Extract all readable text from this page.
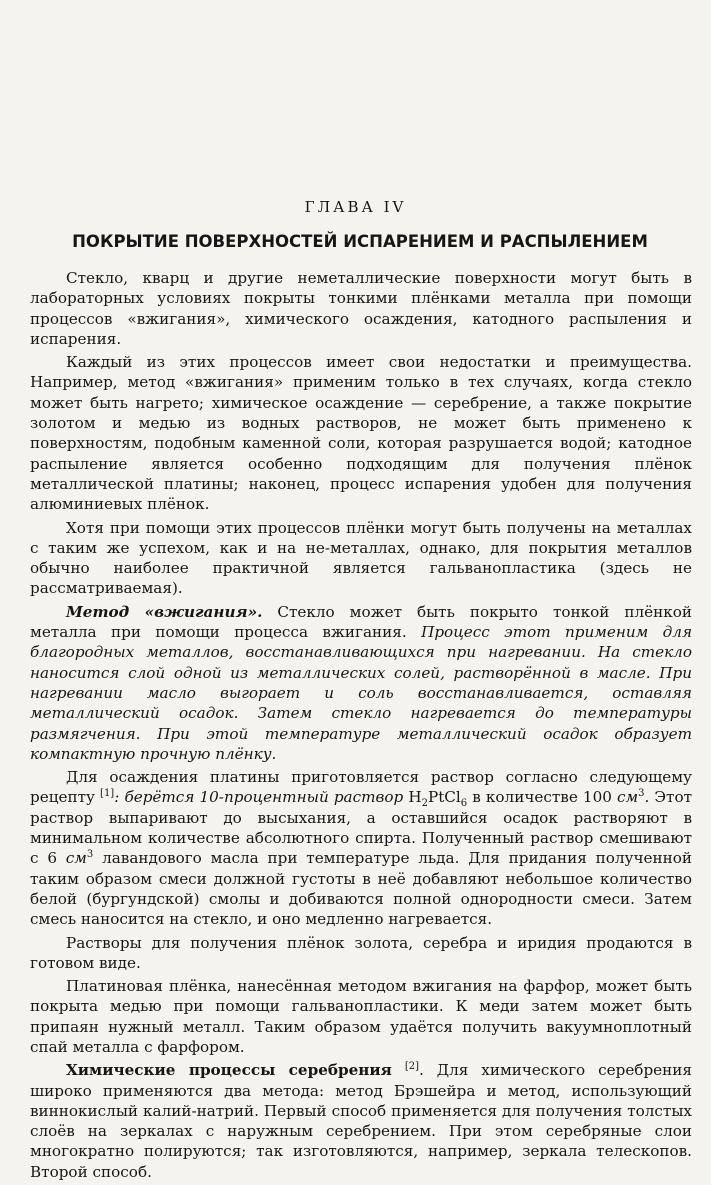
ГЛАВА IV
ПОКРЫТИЕ ПОВЕРХНОСТЕЙ ИСПАРЕНИЕМ И РАСПЫЛЕНИЕМ

Стекло, кварц и другие неметаллические поверхности могут быть в лабораторных условиях покрыты тонкими плёнками металла при помощи процессов «вжигания», химического осаждения, катодного распыления и испарения.

Каждый из этих процессов имеет свои недостатки и преимущества. Например, метод «вжигания» применим только в тех случаях, когда стекло может быть нагрето; химическое осаждение — серебрение, а также покрытие золотом и медью из водных растворов, не может быть применено к поверхностям, подобным каменной соли, которая разрушается водой; катодное распыление является особенно подходящим для получения плёнок металлической платины; наконец, процесс испарения удобен для получения алюминиевых плёнок.

Хотя при помощи этих процессов плёнки могут быть получены на металлах с таким же успехом, как и на не-металлах, однако, для покрытия металлов обычно наиболее практичной является гальванопластика (здесь не рассматриваемая).

Метод «вжигания». Стекло может быть покрыто тонкой плёнкой металла при помощи процесса вжигания. Процесс этот применим для благородных металлов, восстанавливающихся при нагревании. На стекло наносится слой одной из металлических солей, растворённой в масле. При нагревании масло выгорает и соль восстанавливается, оставляя металлический осадок. Затем стекло нагревается до температуры размягчения. При этой температуре металлический осадок образует компактную прочную плёнку.

Для осаждения платины приготовляется раствор согласно следующему рецепту [1]: берётся 10-процентный раствор $H_2PtCl_6$ в количестве 100 $см^3$. Этот раствор выпаривают до высыхания, а оставшийся осадок растворяют в минимальном количестве абсолютного спирта. Полученный раствор смешивают с 6 $см^3$ лавандового масла при температуре льда. Для придания полученной таким образом смеси должной густоты в неё добавляют небольшое количество белой (бургундской) смолы и добиваются полной однородности смеси. Затем смесь наносится на стекло, и оно медленно нагревается.

Растворы для получения плёнок золота, серебра и иридия продаются в готовом виде.

Платиновая плёнка, нанесённая методом вжигания на фарфор, может быть покрыта медью при помощи гальванопластики. К меди затем может быть припаян нужный металл. Таким образом удаётся получить вакуумноплотный спай металла с фарфором.

Химические процессы серебрения [2]. Для химического серебрения широко применяются два метода: метод Брэшейра и метод, использующий виннокислый калий-натрий. Первый способ применяется для получения толстых слоёв на зеркалах с наружным серебрением. При этом серебряные слои многократно полируются; так изготовляются, например, зеркала телескопов. Второй способ.
